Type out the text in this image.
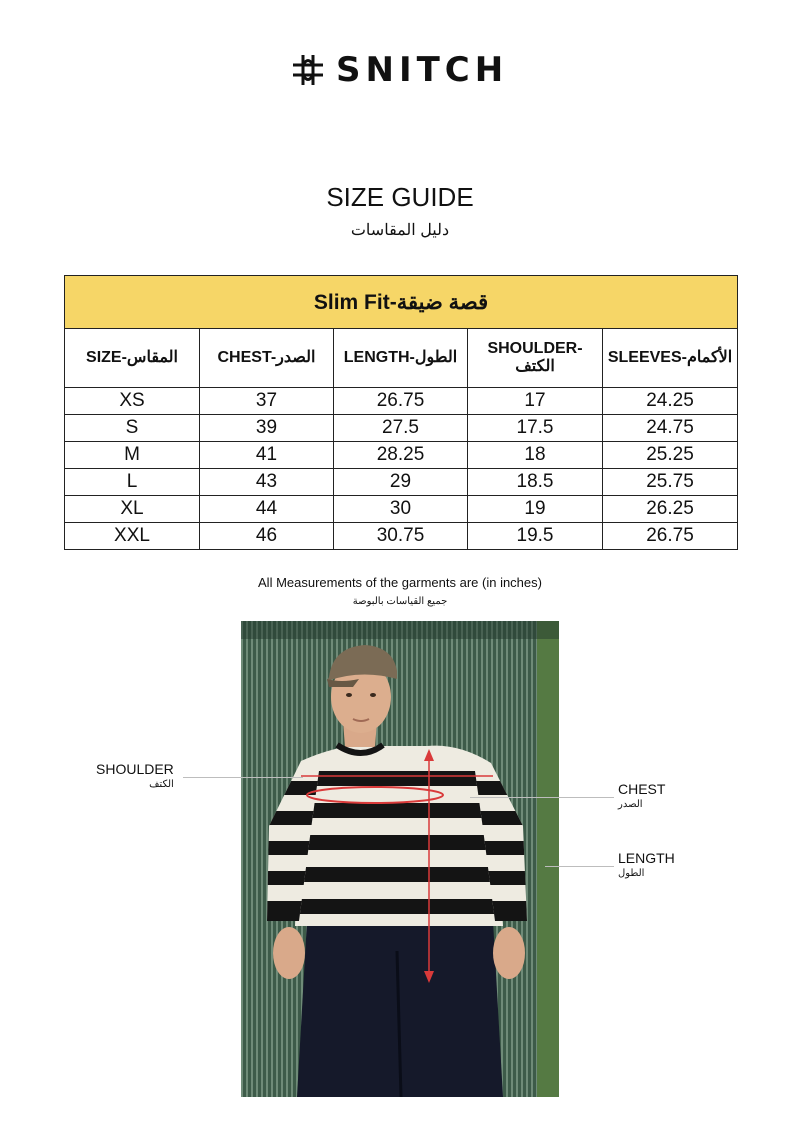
SNITCH
SIZE GUIDE
دليل المقاسات
Slim Fit-قصة ضيقة				
SIZE-المقاس	CHEST-الصدر	LENGTH-الطول	SHOULDER-الكتف	SLEEVES-الأكمام
XS	37	26.75	17	24.25
S	39	27.5	17.5	24.75
M	41	28.25	18	25.25
L	43	29	18.5	25.75
XL	44	30	19	26.25
XXL	46	30.75	19.5	26.75
All Measurements of the garments are (in inches)
جميع القياسات بالبوصة
SHOULDER
الكتف	CHEST
الصدر
LENGTH
الطول
